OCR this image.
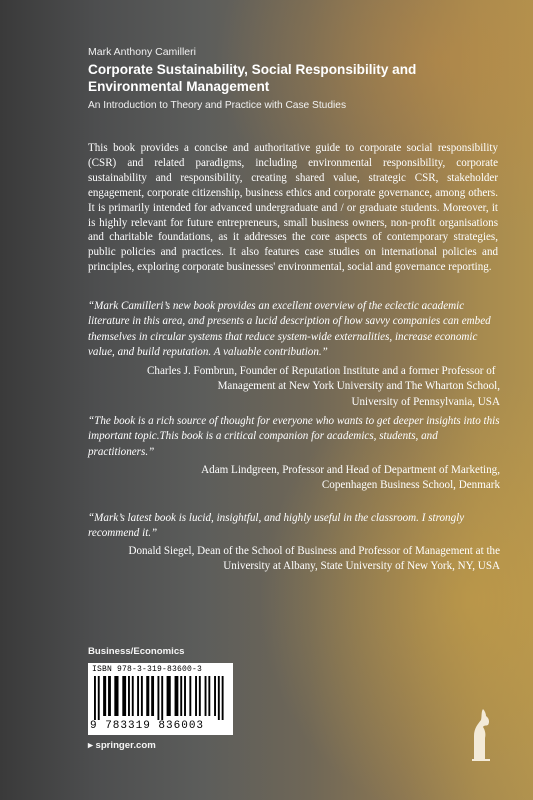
Mark Anthony Camilleri
Corporate Sustainability, Social Responsibility and Environmental Management
An Introduction to Theory and Practice with Case Studies
This book provides a concise and authoritative guide to corporate social responsibility (CSR) and related paradigms, including environmental responsibility, corporate sustainability and responsibility, creating shared value, strategic CSR, stakeholder engagement, corporate citizenship, business ethics and corporate governance, among others. It is primarily intended for advanced undergraduate and / or graduate students. Moreover, it is highly relevant for future entrepreneurs, small business owners, non-profit organisations and charitable foundations, as it addresses the core aspects of contemporary strategies, public policies and practices. It also features case studies on international policies and principles, exploring corporate businesses' environmental, social and governance reporting.
“Mark Camilleri’s new book provides an excellent overview of the eclectic academic literature in this area, and presents a lucid description of how savvy companies can embed themselves in circular systems that reduce system-wide externalities, increase economic value, and build reputation. A valuable contribution.”
Charles J. Fombrun, Founder of Reputation Institute and a former Professor of
Management at New York University and The Wharton School,
University of Pennsylvania, USA
“The book is a rich source of thought for everyone who wants to get deeper insights into this important topic.This book is a critical companion for academics, students, and practitioners.”
Adam Lindgreen, Professor and Head of Department of Marketing,
Copenhagen Business School, Denmark
“Mark’s latest book is lucid, insightful, and highly useful in the classroom. I strongly recommend it.”
Donald Siegel, Dean of the School of Business and Professor of Management at the
University at Albany, State University of New York, NY, USA
Business/Economics
ISBN 978-3-319-83600-3
9 783319 836003
▸ springer.com
